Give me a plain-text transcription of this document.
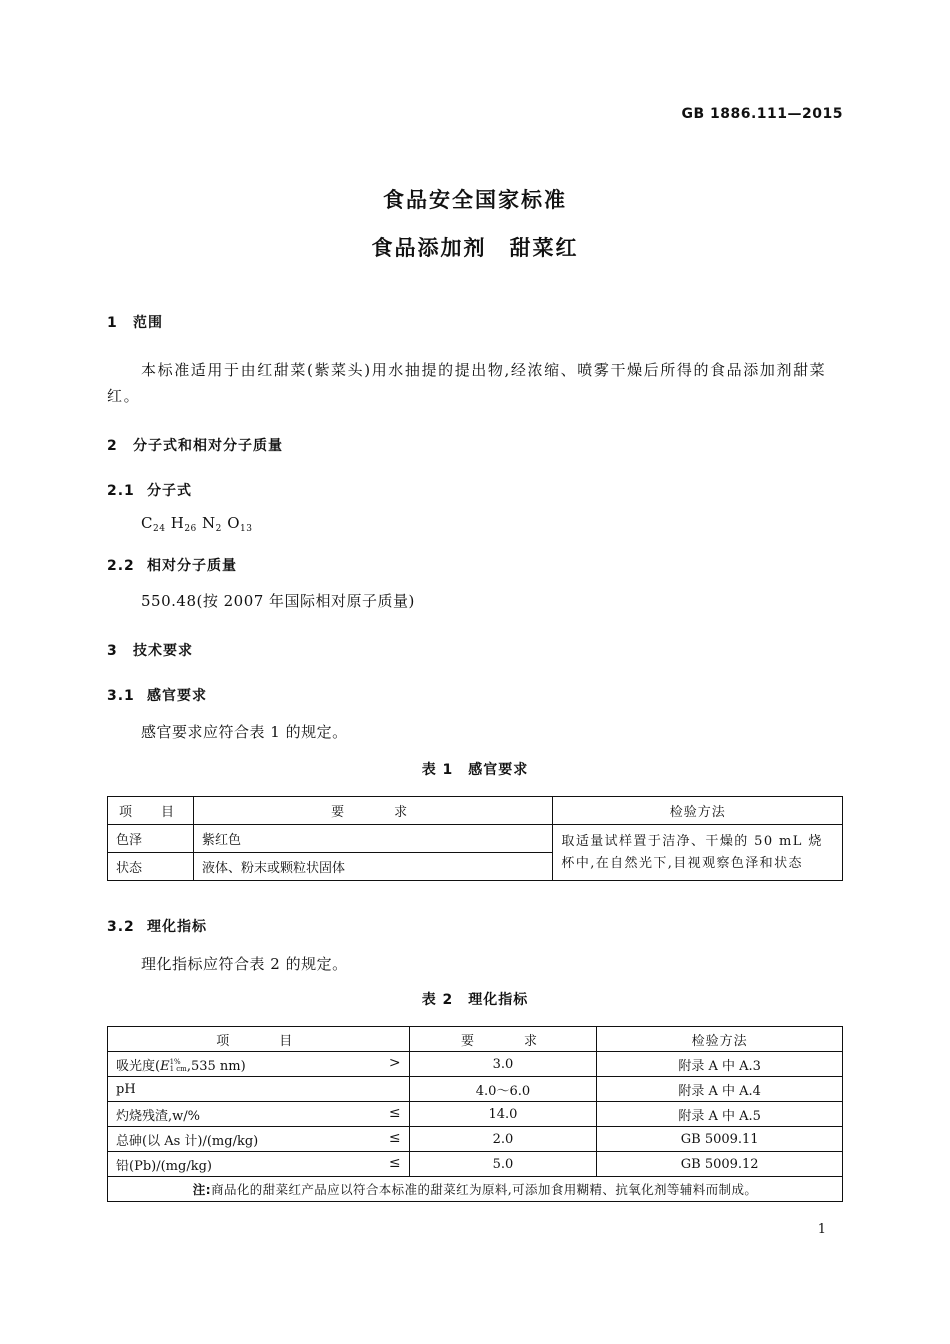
GB 1886.111—2015
食品安全国家标准
食品添加剂　甜菜红
1 范围
本标准适用于由红甜菜(紫菜头)用水抽提的提出物,经浓缩、喷雾干燥后所得的食品添加剂甜菜红。
2 分子式和相对分子质量
2.1 分子式
$C_{24}$ $H_{26}$ $N_2$ $O_{13}$
2.2 相对分子质量
550.48(按 2007 年国际相对原子质量)
3 技术要求
3.1 感官要求
感官要求应符合表 1 的规定。
表 1　感官要求
项　目	要　　求	检验方法
色泽	紫红色	取适量试样置于洁净、干燥的 50 mL 烧杯中,在自然光下,目视观察色泽和状态
状态	液体、粉末或颗粒状固体	
3.2 理化指标
理化指标应符合表 2 的规定。
表 2　理化指标
项　　目	要　　求	检验方法
吸光度(E 1%
1 cm ,535 nm) >	3.0	附录 A 中 A.3
pH	4.0～6.0	附录 A 中 A.4
灼烧残渣,w/% ≤	14.0	附录 A 中 A.5
总砷(以 As 计)/(mg/kg) ≤	2.0	GB 5009.11
铅(Pb)/(mg/kg) ≤	5.0	GB 5009.12
注:商品化的甜菜红产品应以符合本标准的甜菜红为原料,可添加食用糊精、抗氧化剂等辅料而制成。		
1
